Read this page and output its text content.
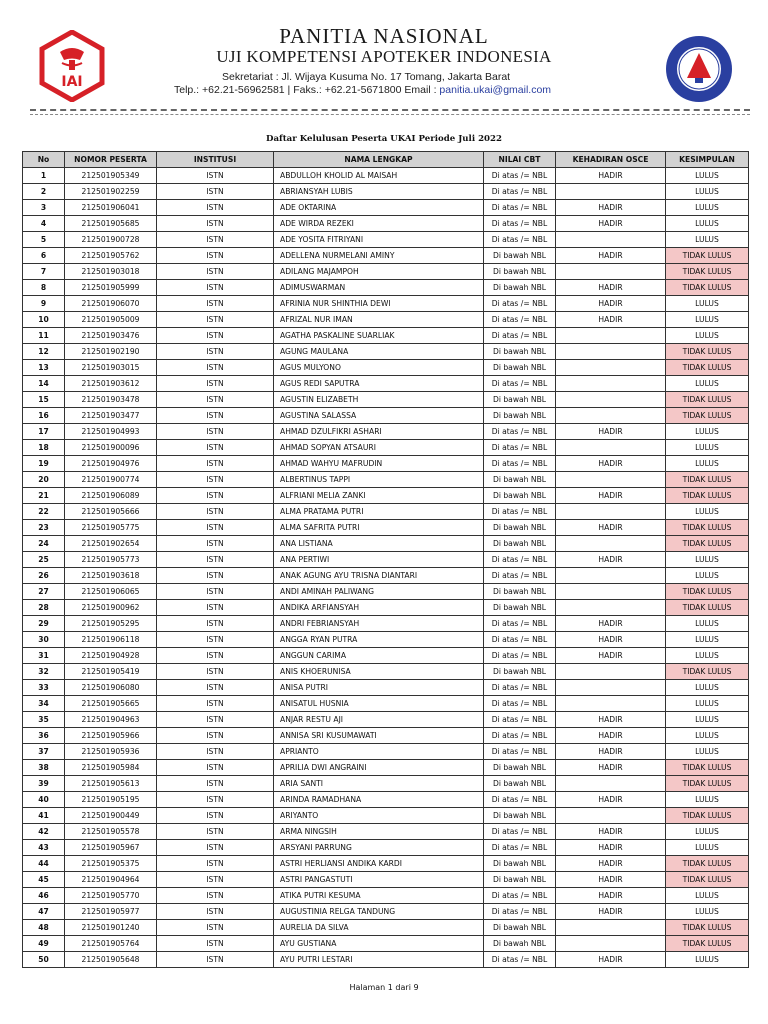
IAI
PANITIA NASIONAL
UJI KOMPETENSI APOTEKER INDONESIA
Sekretariat : Jl. Wijaya Kusuma No. 17 Tomang, Jakarta Barat
Telp.: +62.21-56962581 | Faks.: +62.21-5671800 Email : panitia.ukai@gmail.com
Daftar Kelulusan Peserta UKAI Periode Juli 2022
No	NOMOR PESERTA	INSTITUSI	NAMA LENGKAP	NILAI CBT	KEHADIRAN OSCE	KESIMPULAN
1	212501905349	ISTN	ABDULLOH KHOLID AL MAISAH	Di atas /= NBL	HADIR	LULUS
2	212501902259	ISTN	ABRIANSYAH LUBIS	Di atas /= NBL		LULUS
3	212501906041	ISTN	ADE OKTARINA	Di atas /= NBL	HADIR	LULUS
4	212501905685	ISTN	ADE WIRDA REZEKI	Di atas /= NBL	HADIR	LULUS
5	212501900728	ISTN	ADE YOSITA FITRIYANI	Di atas /= NBL		LULUS
6	212501905762	ISTN	ADELLENA NURMELANI AMINY	Di bawah NBL	HADIR	TIDAK LULUS
7	212501903018	ISTN	ADILANG MAJAMPOH	Di bawah NBL		TIDAK LULUS
8	212501905999	ISTN	ADIMUSWARMAN	Di bawah NBL	HADIR	TIDAK LULUS
9	212501906070	ISTN	AFRINIA NUR SHINTHIA DEWI	Di atas /= NBL	HADIR	LULUS
10	212501905009	ISTN	AFRIZAL NUR IMAN	Di atas /= NBL	HADIR	LULUS
11	212501903476	ISTN	AGATHA PASKALINE SUARLIAK	Di atas /= NBL		LULUS
12	212501902190	ISTN	AGUNG MAULANA	Di bawah NBL		TIDAK LULUS
13	212501903015	ISTN	AGUS MULYONO	Di bawah NBL		TIDAK LULUS
14	212501903612	ISTN	AGUS REDI SAPUTRA	Di atas /= NBL		LULUS
15	212501903478	ISTN	AGUSTIN ELIZABETH	Di bawah NBL		TIDAK LULUS
16	212501903477	ISTN	AGUSTINA SALASSA	Di bawah NBL		TIDAK LULUS
17	212501904993	ISTN	AHMAD DZULFIKRI ASHARI	Di atas /= NBL	HADIR	LULUS
18	212501900096	ISTN	AHMAD SOPYAN ATSAURI	Di atas /= NBL		LULUS
19	212501904976	ISTN	AHMAD WAHYU MAFRUDIN	Di atas /= NBL	HADIR	LULUS
20	212501900774	ISTN	ALBERTINUS TAPPI	Di bawah NBL		TIDAK LULUS
21	212501906089	ISTN	ALFRIANI MELIA ZANKI	Di bawah NBL	HADIR	TIDAK LULUS
22	212501905666	ISTN	ALMA PRATAMA PUTRI	Di atas /= NBL		LULUS
23	212501905775	ISTN	ALMA SAFRITA PUTRI	Di bawah NBL	HADIR	TIDAK LULUS
24	212501902654	ISTN	ANA LISTIANA	Di bawah NBL		TIDAK LULUS
25	212501905773	ISTN	ANA PERTIWI	Di atas /= NBL	HADIR	LULUS
26	212501903618	ISTN	ANAK AGUNG AYU TRISNA DIANTARI	Di atas /= NBL		LULUS
27	212501906065	ISTN	ANDI AMINAH PALIWANG	Di bawah NBL		TIDAK LULUS
28	212501900962	ISTN	ANDIKA ARFIANSYAH	Di bawah NBL		TIDAK LULUS
29	212501905295	ISTN	ANDRI FEBRIANSYAH	Di atas /= NBL	HADIR	LULUS
30	212501906118	ISTN	ANGGA RYAN PUTRA	Di atas /= NBL	HADIR	LULUS
31	212501904928	ISTN	ANGGUN CARIMA	Di atas /= NBL	HADIR	LULUS
32	212501905419	ISTN	ANIS KHOERUNISA	Di bawah NBL		TIDAK LULUS
33	212501906080	ISTN	ANISA PUTRI	Di atas /= NBL		LULUS
34	212501905665	ISTN	ANISATUL HUSNIA	Di atas /= NBL		LULUS
35	212501904963	ISTN	ANJAR RESTU AJI	Di atas /= NBL	HADIR	LULUS
36	212501905966	ISTN	ANNISA SRI KUSUMAWATI	Di atas /= NBL	HADIR	LULUS
37	212501905936	ISTN	APRIANTO	Di atas /= NBL	HADIR	LULUS
38	212501905984	ISTN	APRILIA DWI ANGRAINI	Di bawah NBL	HADIR	TIDAK LULUS
39	212501905613	ISTN	ARIA SANTI	Di bawah NBL		TIDAK LULUS
40	212501905195	ISTN	ARINDA RAMADHANA	Di atas /= NBL	HADIR	LULUS
41	212501900449	ISTN	ARIYANTO	Di bawah NBL		TIDAK LULUS
42	212501905578	ISTN	ARMA NINGSIH	Di atas /= NBL	HADIR	LULUS
43	212501905967	ISTN	ARSYANI PARRUNG	Di atas /= NBL	HADIR	LULUS
44	212501905375	ISTN	ASTRI HERLIANSI ANDIKA KARDI	Di bawah NBL	HADIR	TIDAK LULUS
45	212501904964	ISTN	ASTRI PANGASTUTI	Di bawah NBL	HADIR	TIDAK LULUS
46	212501905770	ISTN	ATIKA PUTRI KESUMA	Di atas /= NBL	HADIR	LULUS
47	212501905977	ISTN	AUGUSTINIA RELGA TANDUNG	Di atas /= NBL	HADIR	LULUS
48	212501901240	ISTN	AURELIA DA SILVA	Di bawah NBL		TIDAK LULUS
49	212501905764	ISTN	AYU GUSTIANA	Di bawah NBL		TIDAK LULUS
50	212501905648	ISTN	AYU PUTRI LESTARI	Di atas /= NBL	HADIR	LULUS
Halaman 1 dari 9
